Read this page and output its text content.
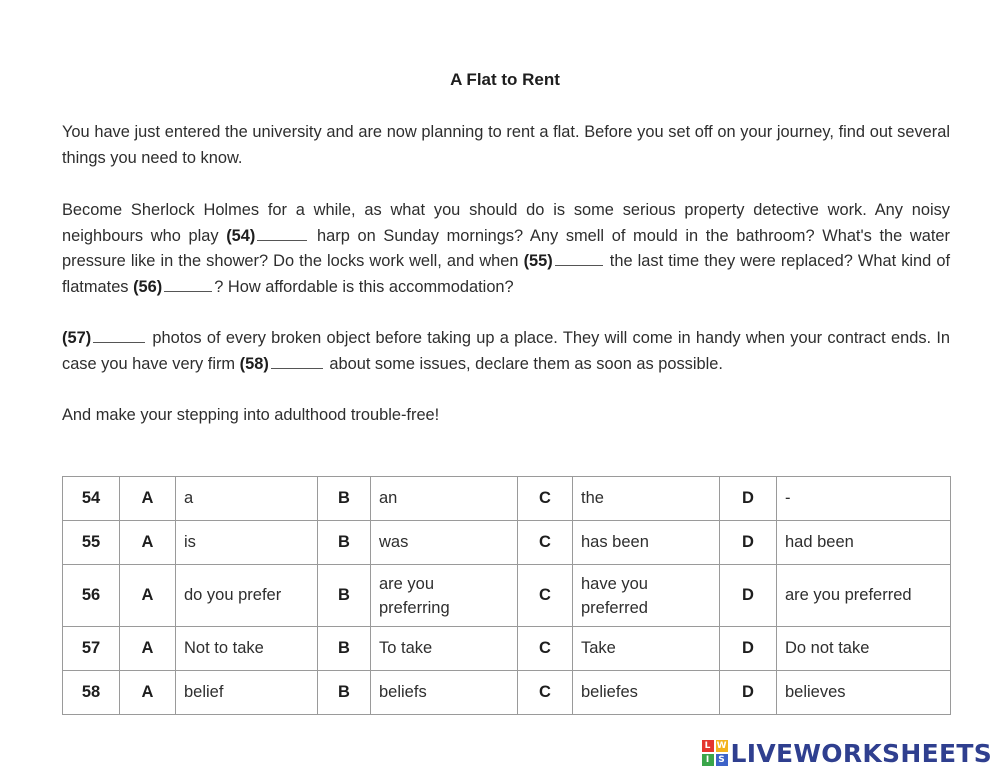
A Flat to Rent
You have just entered the university and are now planning to rent a flat. Before you set off on your journey, find out several things you need to know.
Become Sherlock Holmes for a while, as what you should do is some serious property detective work. Any noisy neighbours who play (54)	harp on Sunday mornings? Any smell of mould in the bathroom? What's the water pressure like in the shower? Do the locks work well, and when (55)	the last time they were replaced? What kind of flatmates (56)	? How affordable is this accommodation?
(57)	photos of every broken object before taking up a place. They will come in handy when your contract ends. In case you have very firm (58)	about some issues, declare them as soon as possible.
And make your stepping into adulthood trouble-free!
54	A	a	B	an	C	the	D	-
55	A	is	B	was	C	has been	D	had been
56	A	do you prefer	B	are you preferring	C	have you preferred	D	are you preferred
57	A	Not to take	B	To take	C	Take	D	Do not take
58	A	belief	B	beliefs	C	beliefes	D	believes
L W
I	S LIVEWORKSHEETS
